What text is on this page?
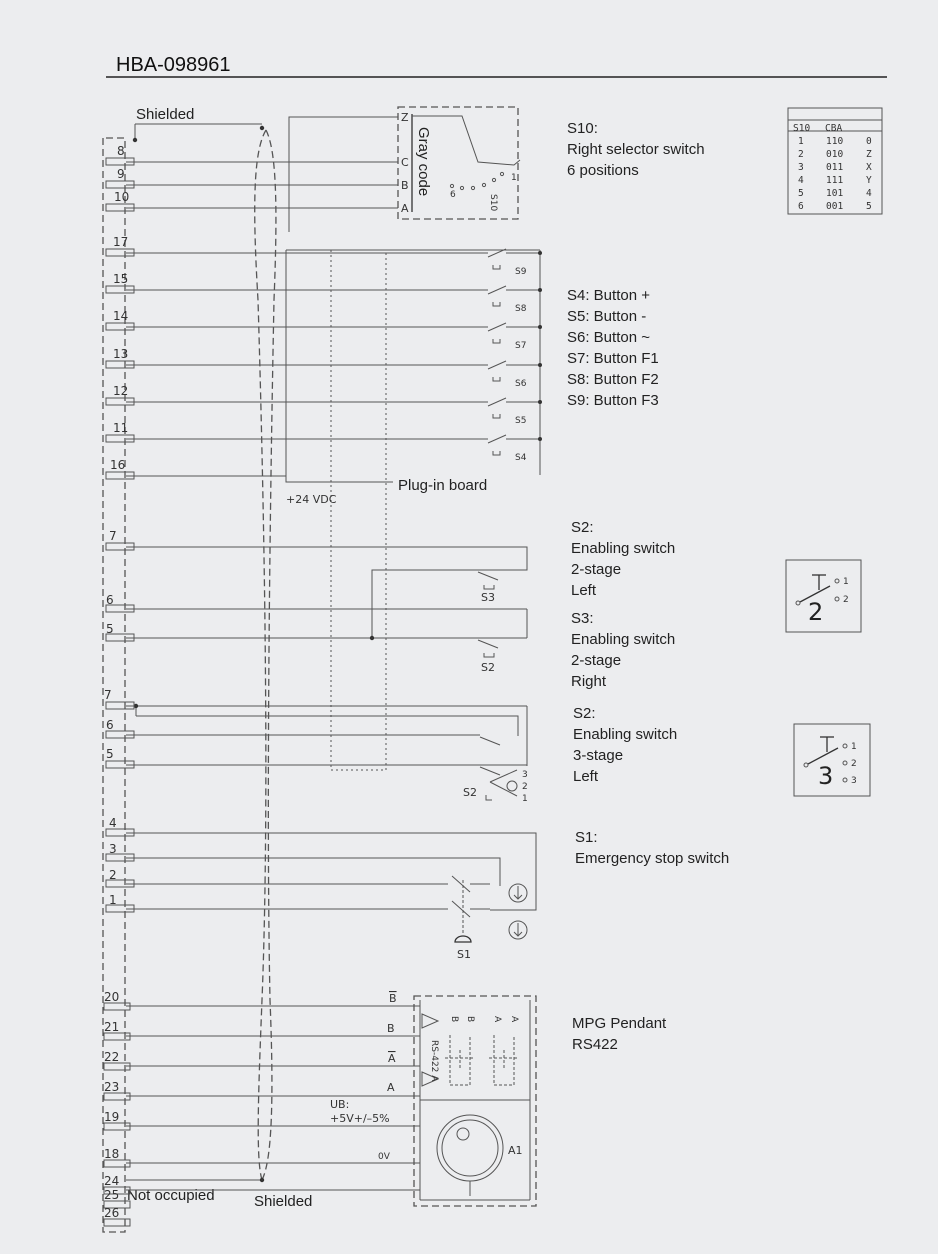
HBA-098961
Shielded
Shielded
Not occupied
Gray code
Z
C
B
A
6
1
S10
8
9
10
S10:
Right selector switch
6 positions
S10 CBA
1 110 0
2 010 Z
3 011 X
4 111 Y
5 101 4
6 001 5
+24 VDC
Plug-in board
S9
17
S8
15
S7
14
S6
13
S5
12
S4
11
16
S4: Button +
S5: Button -
S6: Button ~
S7: Button F1
S8: Button F2
S9: Button F3
S3
S2
7
6
5
S2:
Enabling switch
2-stage
Left
S3:
Enabling switch
2-stage
Right
2
1
2
S2
3
2
1
7
6
5
S2:
Enabling switch
3-stage
Left	3
1
2
3
S1
4
3
2
1
S1:
Emergency stop switch
B
B
A
A
UB:
+5V+/–5%
0V
RS-422 A
B B A A
A1
20
21
22
23
19
18
24
25
26
MPG Pendant
RS422
